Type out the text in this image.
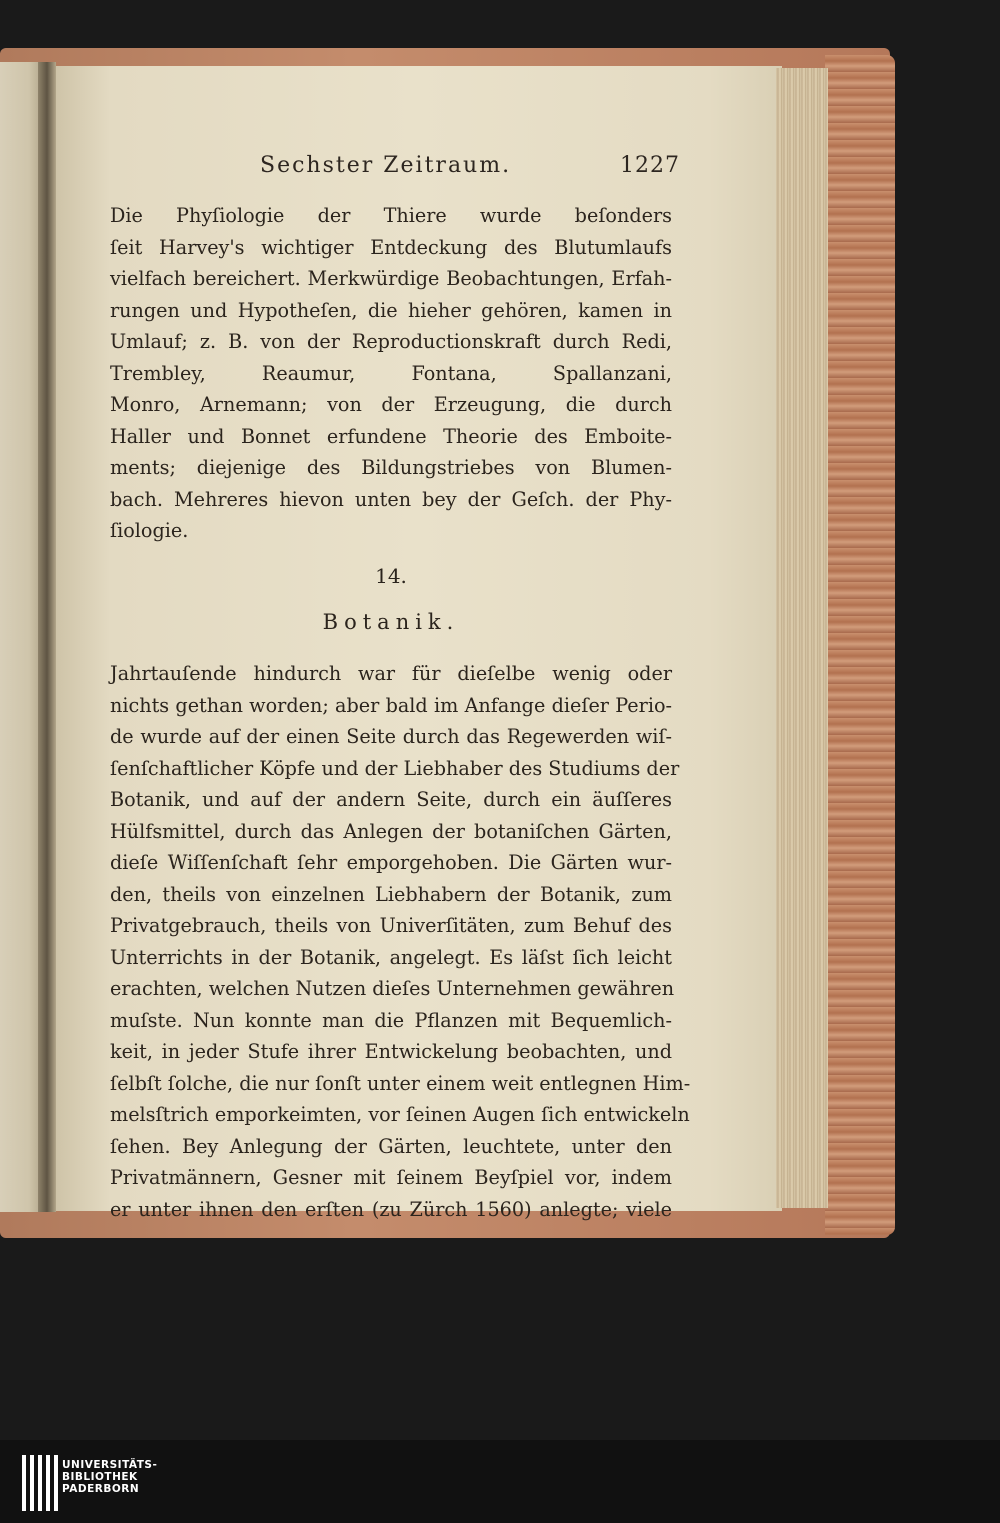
Sechster Zeitraum.	1227
Die Phyſiologie der Thiere wurde beſonders
ſeit Harvey's wichtiger Entdeckung des Blutumlaufs
vielfach bereichert. Merkwürdige Beobachtungen, Erfah-
rungen und Hypotheſen, die hieher gehören, kamen in
Umlauf; z. B. von der Reproductionskraft durch Redi,
Trembley, Reaumur, Fontana, Spallanzani,
Monro, Arnemann; von der Erzeugung, die durch
Haller und Bonnet erfundene Theorie des Emboite-
ments; diejenige des Bildungstriebes von Blumen-
bach. Mehreres hievon unten bey der Geſch. der Phy-
ſiologie.
14.
Botanik.
Jahrtauſende hindurch war für dieſelbe wenig oder
nichts gethan worden; aber bald im Anfange dieſer Perio-
de wurde auf der einen Seite durch das Regewerden wiſ-
ſenſchaftlicher Köpfe und der Liebhaber des Studiums der
Botanik, und auf der andern Seite, durch ein äuſſeres
Hülfsmittel, durch das Anlegen der botaniſchen Gärten,
dieſe Wiſſenſchaft ſehr emporgehoben. Die Gärten wur-
den, theils von einzelnen Liebhabern der Botanik, zum
Privatgebrauch, theils von Univerſitäten, zum Behuf des
Unterrichts in der Botanik, angelegt. Es läſst ſich leicht
erachten, welchen Nutzen dieſes Unternehmen gewähren
muſste. Nun konnte man die Pflanzen mit Bequemlich-
keit, in jeder Stufe ihrer Entwickelung beobachten, und
ſelbſt ſolche, die nur ſonſt unter einem weit entlegnen Him-
melsſtrich emporkeimten, vor ſeinen Augen ſich entwickeln
ſehen. Bey Anlegung der Gärten, leuchtete, unter den
Privatmännern, Gesner mit ſeinem Beyſpiel vor, indem
er unter ihnen den erſten (zu Zürch 1560) anlegte; viele
UNIVERSITÄTS-
BIBLIOTHEK
PADERBORN
